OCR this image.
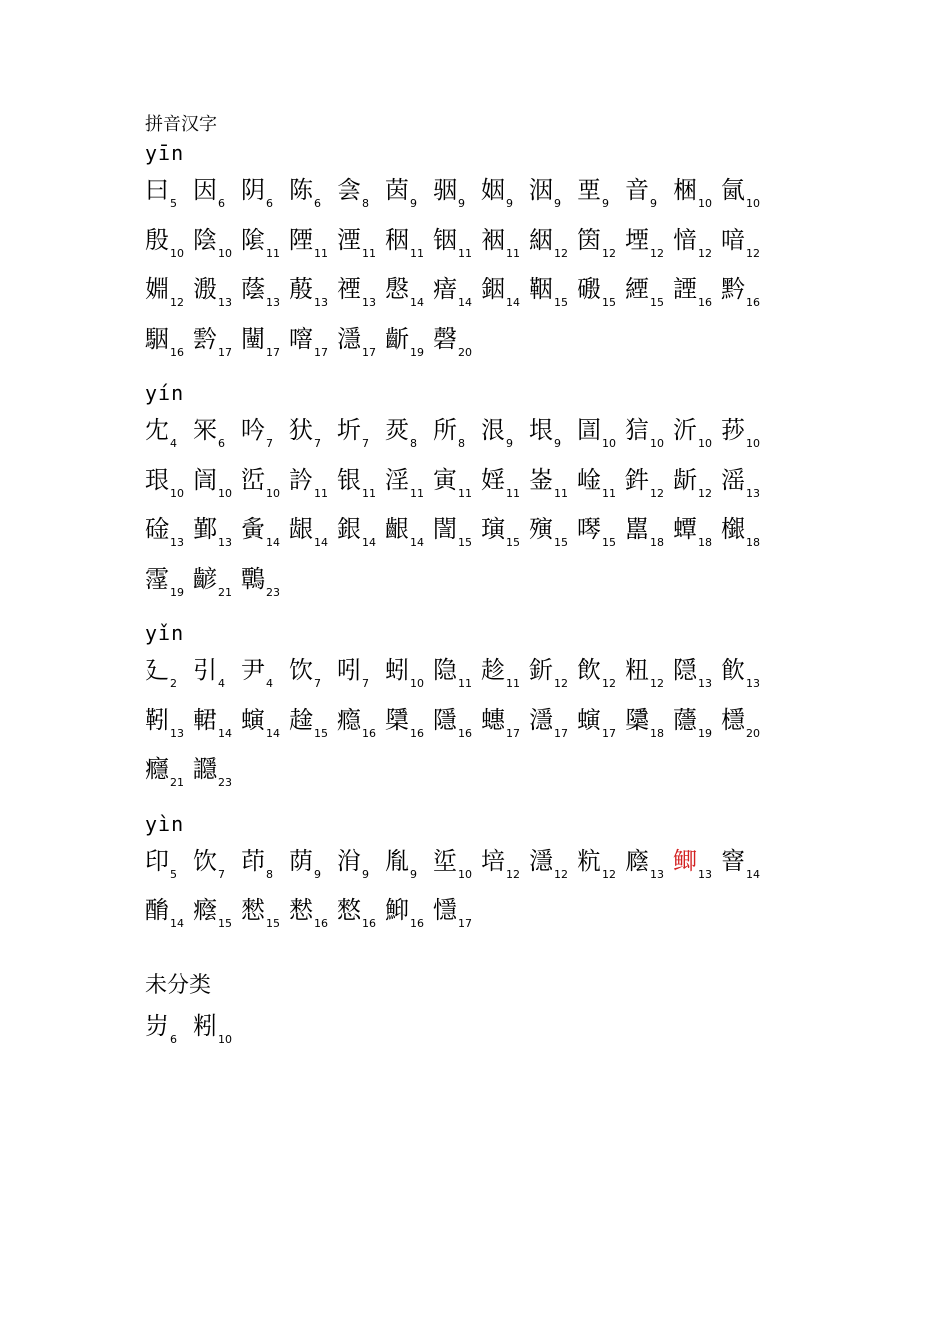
拼音汉字
yīn
曰 5 因 6 阴 6 陈 6 侌 8 茵 9 骃 9 姻 9 洇 9 垔 9 音 9 梱 10 氤 10
殷 10 陰 10 隂 11 陻 11 湮 11 秵 11 铟 11 裀 11 絪 12 筃 12 堙 12 愔 12 喑 12
婣 12 溵 13 蔭 13 蒑 13 禋 13 慇 14 瘖 14 銦 14 鞇 15 磤 15 緸 15 諲 16 黔 16
駰 16 霒 17 闉 17 噾 17 濦 17 齗 19 磬 20
yín
冘 4 冞 6 吟 7 犾 7 圻 7 烎 8 所 8 泿 9 垠 9 圁 10 狺 10 沂 10 莏 10
珢 10 訚 10 峾 10 訡 11 银 11 淫 11 寅 11 婬 11 崟 11 崯 11 鈝 12 龂 12 滛 13
碒 13 鄞 13 夤 14 龈 14 銀 14 齦 14 誾 15 璌 15 殥 15 噖 15 嚚 18 蟫 18 檭 18
霪 19 齴 21 鷣 23
yǐn
廴 2 引 4 尹 4 饮 7 吲 7 蚓 10 隐 11 趁 11 釿 12 飲 12 粈 12 隠 13 飮 13
靷 13 輑 14 螾 14 趛 15 瘾 16 檃 16 隱 16 蟪 17 濦 17 螾 17 櫽 18 蘟 19 檼 20
癮 21 讔 23
yìn
印 5 饮 7 茚 8 荫 9 洕 9 胤 9 垽 10 培 12 濦 12 粇 12 廕 13 鲫 13 窨 14
酳 14 癊 15 憖 15 慭 16 憗 16 鮣 16 懚 17
未分类
岃 6 粌 10
